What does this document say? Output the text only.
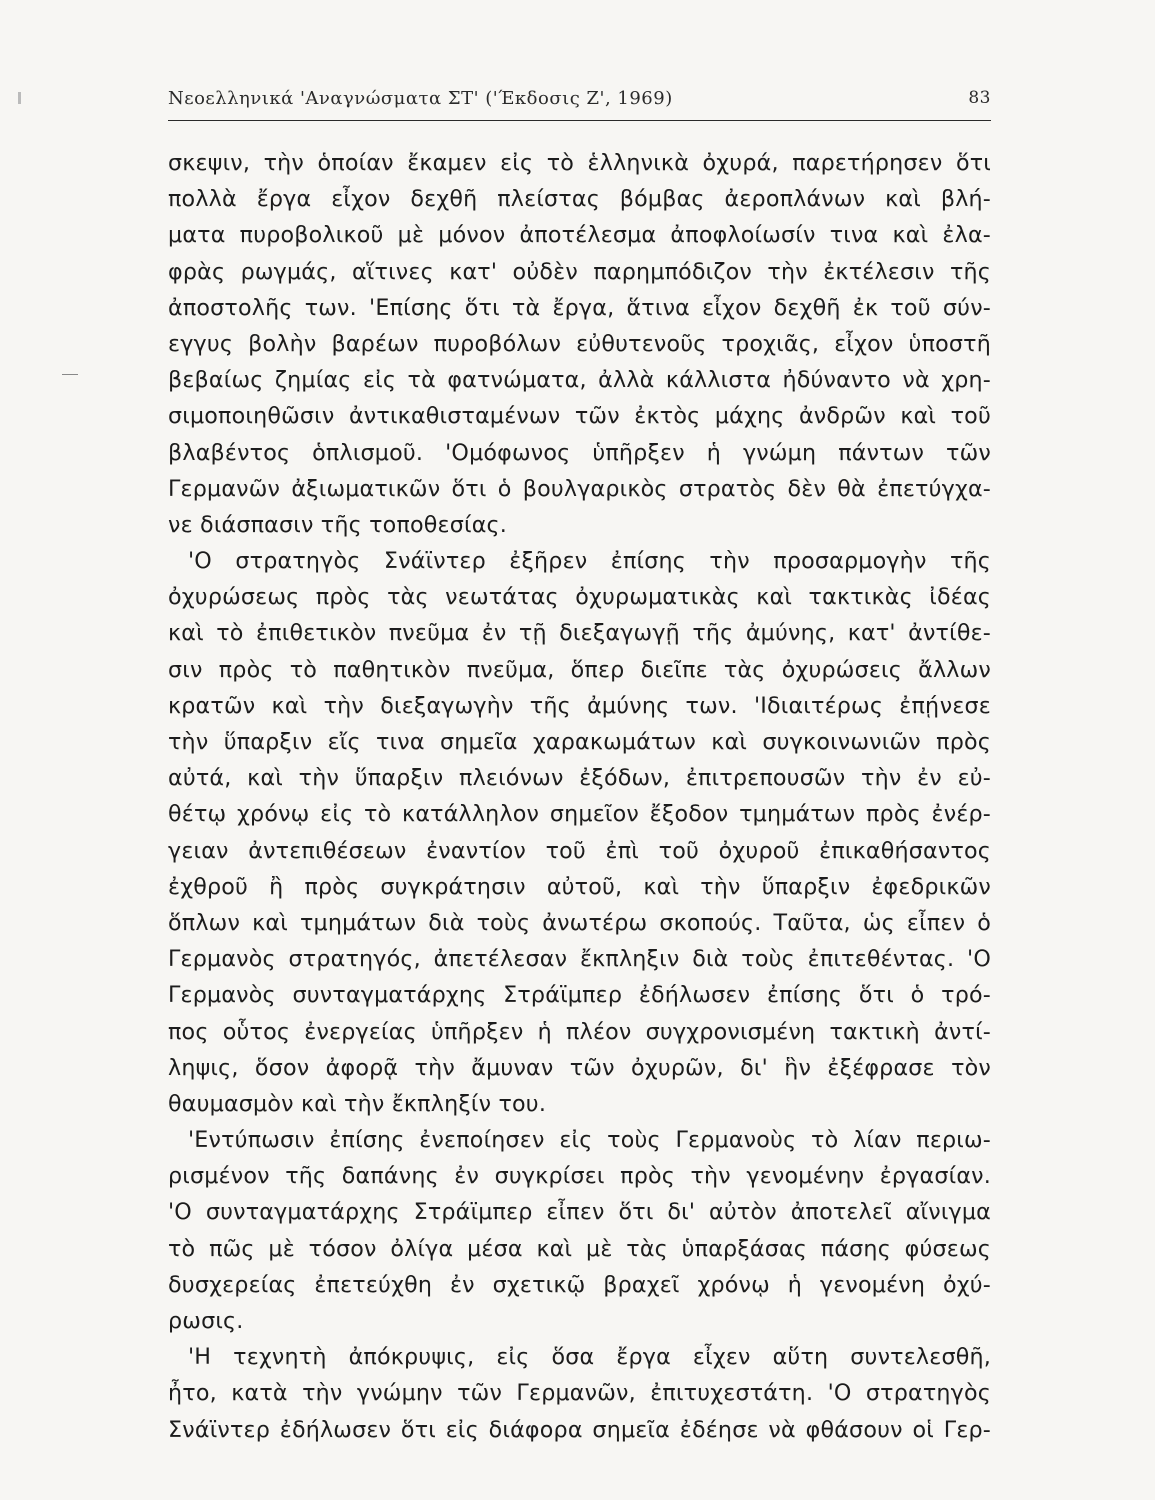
Νεοελληνικά 'Αναγνώσματα ΣΤ' ('Έκδοσις Ζ', 1969)	83
σκεψιν, τὴν ὁποίαν ἔκαμεν εἰς τὸ ἑλληνικὰ ὀχυρά, παρετήρησεν ὅτι
πολλὰ ἔργα εἶχον δεχθῆ πλείστας βόμβας ἀεροπλάνων καὶ βλή-
ματα πυροβολικοῦ μὲ μόνον ἀποτέλεσμα ἀποφλοίωσίν τινα καὶ ἐλα-
φρὰς ρωγμάς, αἵτινες κατ' οὐδὲν παρημπόδιζον τὴν ἐκτέλεσιν τῆς
ἀποστολῆς των. 'Επίσης ὅτι τὰ ἔργα, ἅτινα εἶχον δεχθῆ ἐκ τοῦ σύν-
εγγυς βολὴν βαρέων πυροβόλων εὐθυτενοῦς τροχιᾶς, εἶχον ὑποστῆ
βεβαίως ζημίας εἰς τὰ φατνώματα, ἀλλὰ κάλλιστα ἠδύναντο νὰ χρη-
σιμοποιηθῶσιν ἀντικαθισταμένων τῶν ἐκτὸς μάχης ἀνδρῶν καὶ τοῦ
βλαβέντος ὁπλισμοῦ. 'Ομόφωνος ὑπῆρξεν ἡ γνώμη πάντων τῶν
Γερμανῶν ἀξιωματικῶν ὅτι ὁ βουλγαρικὸς στρατὸς δὲν θὰ ἐπετύγχα-
νε διάσπασιν τῆς τοποθεσίας.
'Ο στρατηγὸς Σνάϊντερ ἐξῆρεν ἐπίσης τὴν προσαρμογὴν τῆς
ὀχυρώσεως πρὸς τὰς νεωτάτας ὀχυρωματικὰς καὶ τακτικὰς ἰδέας
καὶ τὸ ἐπιθετικὸν πνεῦμα ἐν τῇ διεξαγωγῇ τῆς ἀμύνης, κατ' ἀντίθε-
σιν πρὸς τὸ παθητικὸν πνεῦμα, ὅπερ διεῖπε τὰς ὀχυρώσεις ἄλλων
κρατῶν καὶ τὴν διεξαγωγὴν τῆς ἀμύνης των. 'Ιδιαιτέρως ἐπῄνεσε
τὴν ὕπαρξιν εἴς τινα σημεῖα χαρακωμάτων καὶ συγκοινωνιῶν πρὸς
αὐτά, καὶ τὴν ὕπαρξιν πλειόνων ἐξόδων, ἐπιτρεπουσῶν τὴν ἐν εὐ-
θέτῳ χρόνῳ εἰς τὸ κατάλληλον σημεῖον ἔξοδον τμημάτων πρὸς ἐνέρ-
γειαν ἀντεπιθέσεων ἐναντίον τοῦ ἐπὶ τοῦ ὀχυροῦ ἐπικαθήσαντος
ἐχθροῦ ἢ πρὸς συγκράτησιν αὐτοῦ, καὶ τὴν ὕπαρξιν ἐφεδρικῶν
ὅπλων καὶ τμημάτων διὰ τοὺς ἀνωτέρω σκοπούς. Ταῦτα, ὡς εἶπεν ὁ
Γερμανὸς στρατηγός, ἀπετέλεσαν ἔκπληξιν διὰ τοὺς ἐπιτεθέντας. 'Ο
Γερμανὸς συνταγματάρχης Στράϊμπερ ἐδήλωσεν ἐπίσης ὅτι ὁ τρό-
πος οὗτος ἐνεργείας ὑπῆρξεν ἡ πλέον συγχρονισμένη τακτικὴ ἀντί-
ληψις, ὅσον ἀφορᾷ τὴν ἄμυναν τῶν ὀχυρῶν, δι' ἣν ἐξέφρασε τὸν
θαυμασμὸν καὶ τὴν ἔκπληξίν του.
'Εντύπωσιν ἐπίσης ἐνεποίησεν εἰς τοὺς Γερμανοὺς τὸ λίαν περιω-
ρισμένον τῆς δαπάνης ἐν συγκρίσει πρὸς τὴν γενομένην ἐργασίαν.
'Ο συνταγματάρχης Στράϊμπερ εἶπεν ὅτι δι' αὐτὸν ἀποτελεῖ αἴνιγμα
τὸ πῶς μὲ τόσον ὀλίγα μέσα καὶ μὲ τὰς ὑπαρξάσας πάσης φύσεως
δυσχερείας ἐπετεύχθη ἐν σχετικῷ βραχεῖ χρόνῳ ἡ γενομένη ὀχύ-
ρωσις.
'Η τεχνητὴ ἀπόκρυψις, εἰς ὅσα ἔργα εἶχεν αὕτη συντελεσθῆ,
ἦτο, κατὰ τὴν γνώμην τῶν Γερμανῶν, ἐπιτυχεστάτη. 'Ο στρατηγὸς
Σνάϊντερ ἐδήλωσεν ὅτι εἰς διάφορα σημεῖα ἐδέησε νὰ φθάσουν οἱ Γερ-
